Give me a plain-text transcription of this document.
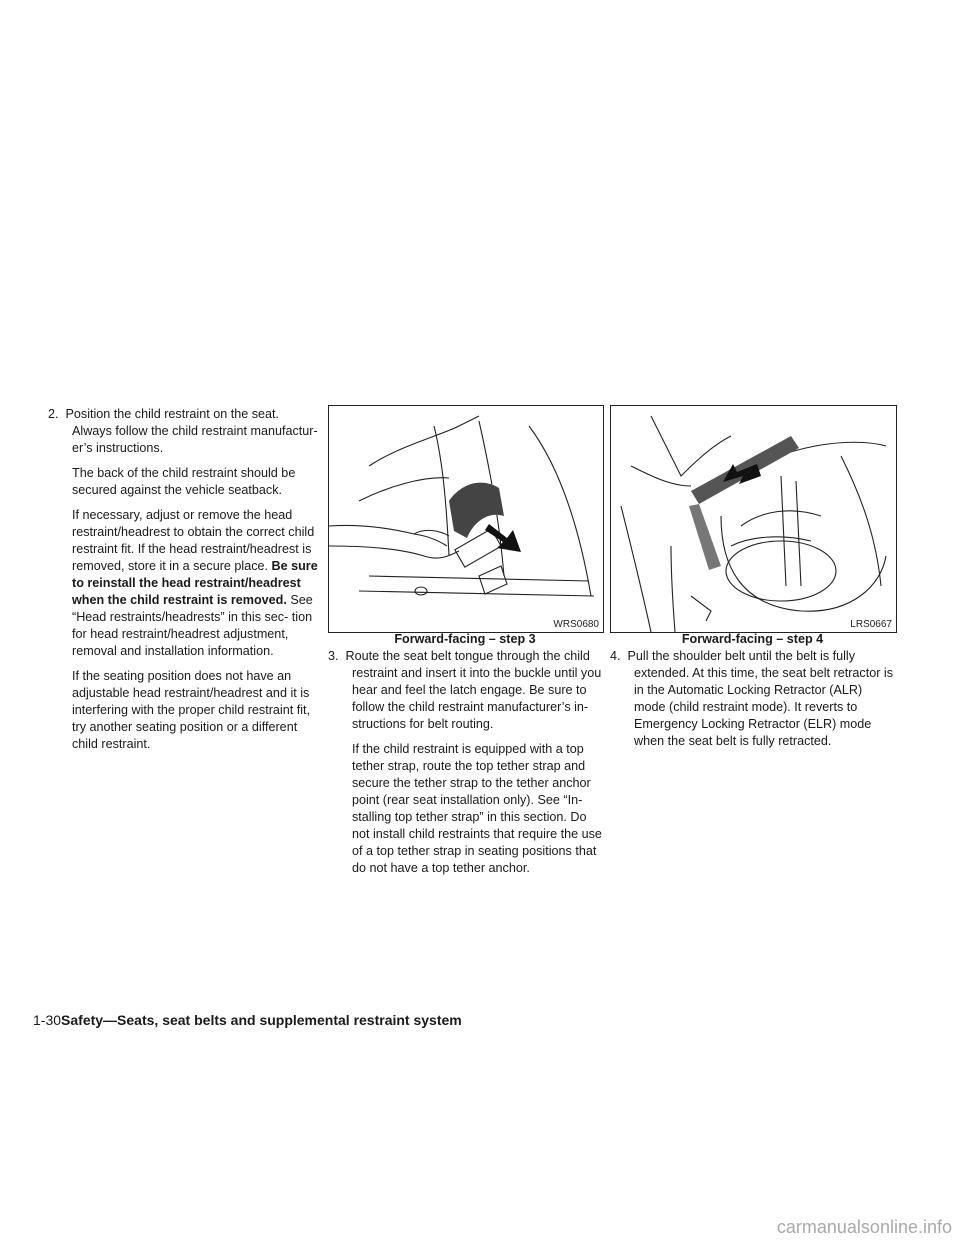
2. Position the child restraint on the seat. Always follow the child restraint manufactur- er’s instructions.

The back of the child restraint should be secured against the vehicle seatback.

If necessary, adjust or remove the head restraint/headrest to obtain the correct child restraint fit. If the head restraint/headrest is removed, store it in a secure place. Be sure to reinstall the head restraint/headrest when the child restraint is removed. See “Head restraints/headrests” in this sec- tion for head restraint/headrest adjustment, removal and installation information.

If the seating position does not have an adjustable head restraint/headrest and it is interfering with the proper child restraint fit, try another seating position or a different child restraint.

WRS0680
Forward-facing – step 3
LRS0667
Forward-facing – step 4

3. Route the seat belt tongue through the child restraint and insert it into the buckle until you hear and feel the latch engage. Be sure to follow the child restraint manufacturer’s in- structions for belt routing.

If the child restraint is equipped with a top tether strap, route the top tether strap and secure the tether strap to the tether anchor point (rear seat installation only). See “In- stalling top tether strap” in this section. Do not install child restraints that require the use of a top tether strap in seating positions that do not have a top tether anchor.

4. Pull the shoulder belt until the belt is fully extended. At this time, the seat belt retractor is in the Automatic Locking Retractor (ALR) mode (child restraint mode). It reverts to Emergency Locking Retractor (ELR) mode when the seat belt is fully retracted.

1-30Safety—Seats, seat belts and supplemental restraint system
carmanualsonline.info
